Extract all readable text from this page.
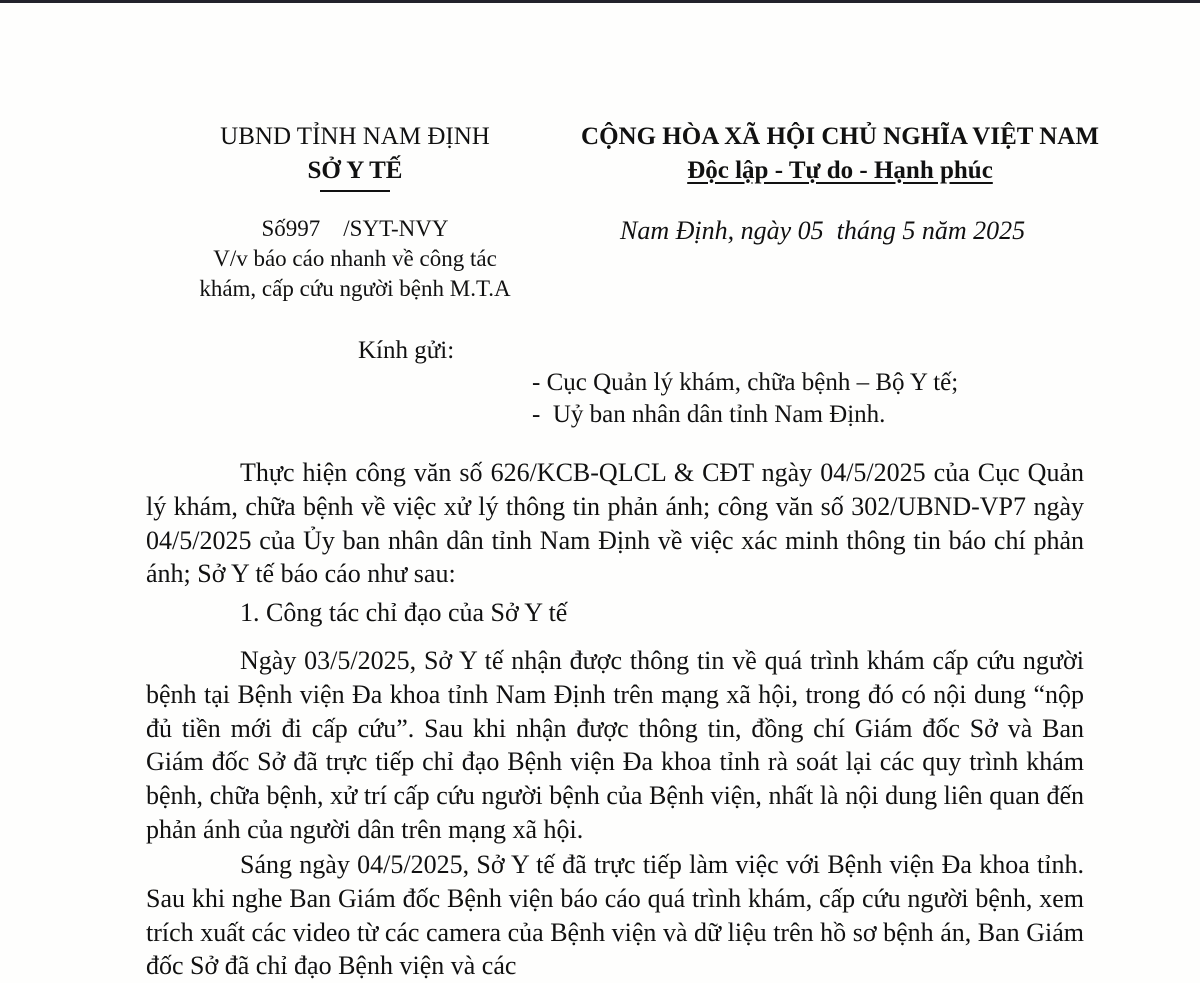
UBND TỈNH NAM ĐỊNH
SỞ Y TẾ
CỘNG HÒA XÃ HỘI CHỦ NGHĨA VIỆT NAM
Độc lập - Tự do - Hạnh phúc
Số997    /SYT-NVY
V/v báo cáo nhanh về công tác
khám, cấp cứu người bệnh M.T.A
Nam Định, ngày 05  tháng 5 năm 2025
Kính gửi:
- Cục Quản lý khám, chữa bệnh – Bộ Y tế;
-  Uỷ ban nhân dân tỉnh Nam Định.

Thực hiện công văn số 626/KCB-QLCL & CĐT ngày 04/5/2025 của Cục Quản lý khám, chữa bệnh về việc xử lý thông tin phản ánh; công văn số 302/UBND-VP7 ngày 04/5/2025 của Ủy ban nhân dân tỉnh Nam Định về việc xác minh thông tin báo chí phản ánh; Sở Y tế báo cáo như sau:

1. Công tác chỉ đạo của Sở Y tế

Ngày 03/5/2025, Sở Y tế nhận được thông tin về quá trình khám cấp cứu người bệnh tại Bệnh viện Đa khoa tỉnh Nam Định trên mạng xã hội, trong đó có nội dung “nộp đủ tiền mới đi cấp cứu”. Sau khi nhận được thông tin, đồng chí Giám đốc Sở và Ban Giám đốc Sở đã trực tiếp chỉ đạo Bệnh viện Đa khoa tỉnh rà soát lại các quy trình khám bệnh, chữa bệnh, xử trí cấp cứu người bệnh của Bệnh viện, nhất là nội dung liên quan đến phản ánh của người dân trên mạng xã hội.

Sáng ngày 04/5/2025, Sở Y tế đã trực tiếp làm việc với Bệnh viện Đa khoa tỉnh. Sau khi nghe Ban Giám đốc Bệnh viện báo cáo quá trình khám, cấp cứu người bệnh, xem trích xuất các video từ các camera của Bệnh viện và dữ liệu trên hồ sơ bệnh án, Ban Giám đốc Sở đã chỉ đạo Bệnh viện và các
